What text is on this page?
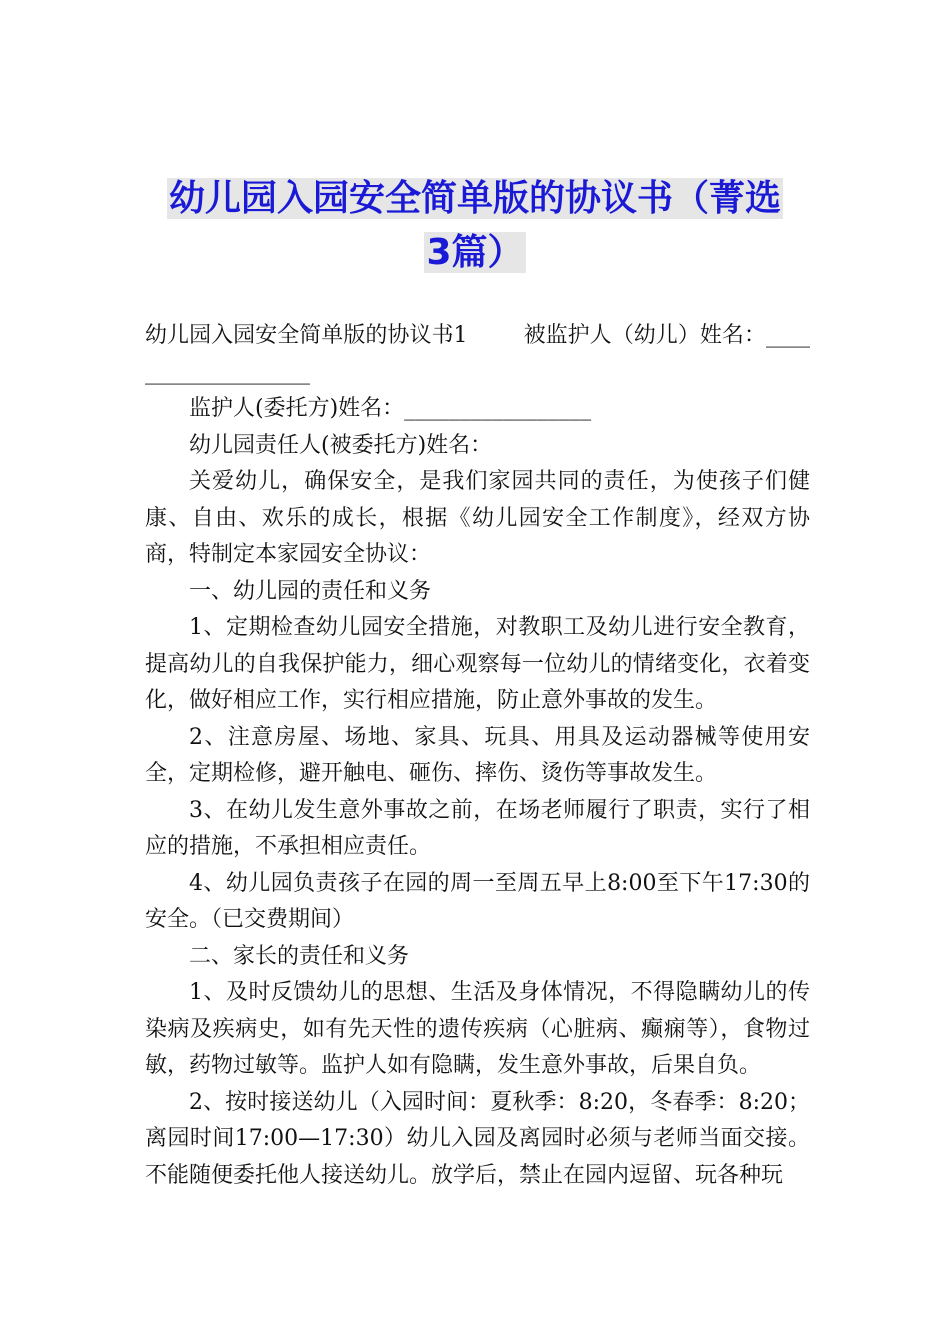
幼儿园入园安全简单版的协议书（菁选
3篇）

幼儿园入园安全简单版的协议书1	被监护人（幼儿）姓名：___________________

监护人(委托方)姓名：_________________

幼儿园责任人(被委托方)姓名：

关爱幼儿，确保安全，是我们家园共同的责任，为使孩子们健康、自由、欢乐的成长，根据《幼儿园安全工作制度》，经双方协商，特制定本家园安全协议：

一、幼儿园的责任和义务

1、定期检查幼儿园安全措施，对教职工及幼儿进行安全教育，提高幼儿的自我保护能力，细心观察每一位幼儿的情绪变化，衣着变化，做好相应工作，实行相应措施，防止意外事故的发生。

2、注意房屋、场地、家具、玩具、用具及运动器械等使用安全，定期检修，避开触电、砸伤、摔伤、烫伤等事故发生。

3、在幼儿发生意外事故之前，在场老师履行了职责，实行了相应的措施，不承担相应责任。

4、幼儿园负责孩子在园的周一至周五早上8:00至下午17:30的安全。（已交费期间）

二、家长的责任和义务

1、及时反馈幼儿的思想、生活及身体情况，不得隐瞒幼儿的传染病及疾病史，如有先天性的遗传疾病（心脏病、癫痫等），食物过敏，药物过敏等。监护人如有隐瞒，发生意外事故，后果自负。

2、按时接送幼儿（入园时间：夏秋季：8:20，冬春季：8:20；离园时间17:00—17:30）幼儿入园及离园时必须与老师当面交接。不能随便委托他人接送幼儿。放学后，禁止在园内逗留、玩各种玩
